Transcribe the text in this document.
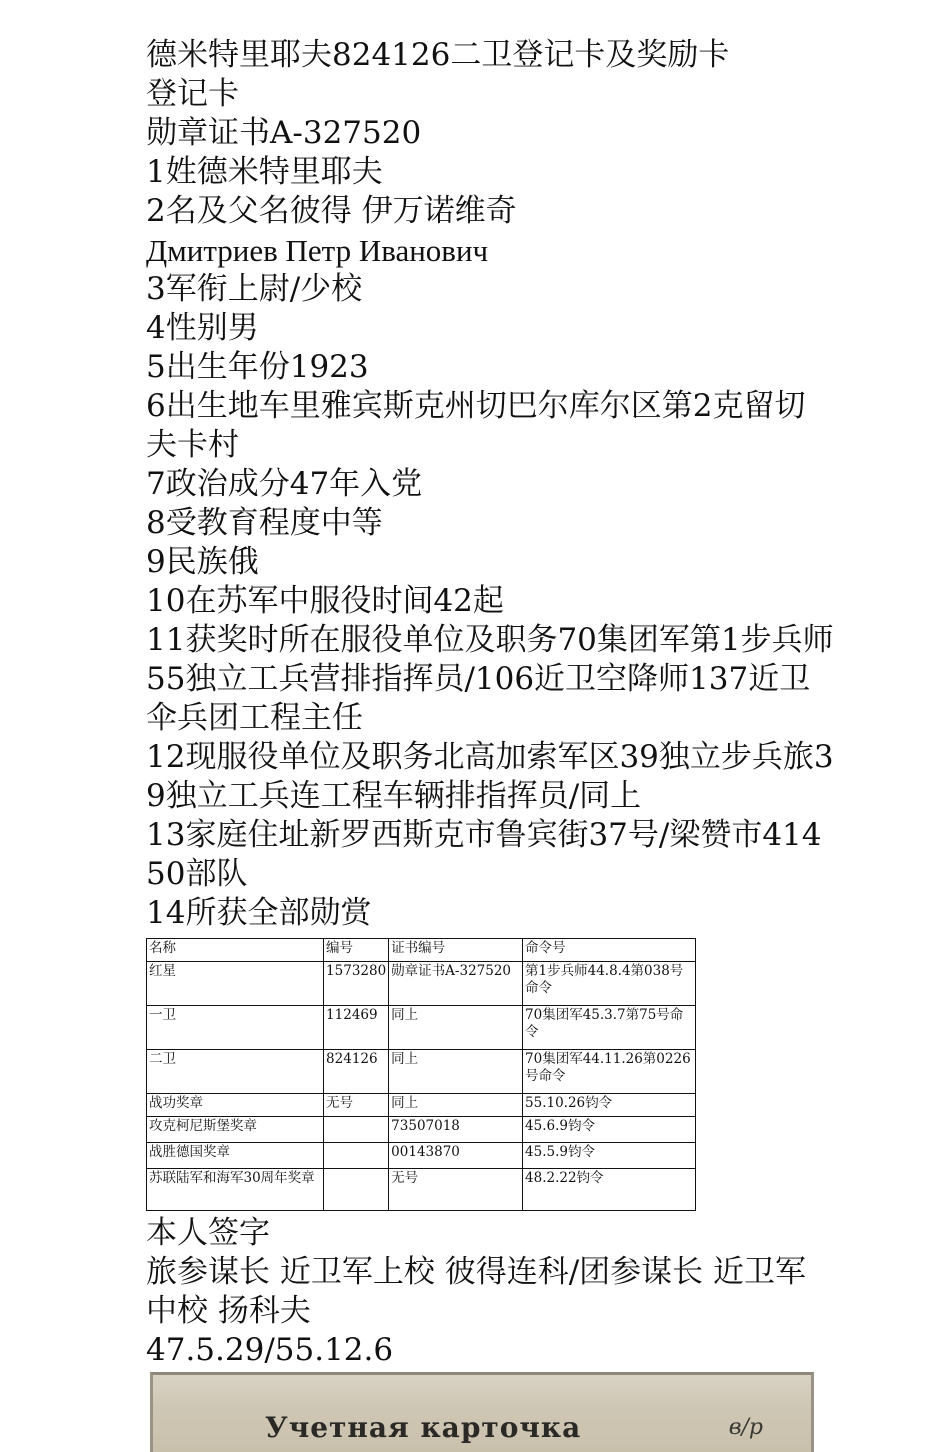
德米特里耶夫824126二卫登记卡及奖励卡

登记卡

勋章证书A-327520

1姓德米特里耶夫

2名及父名彼得 伊万诺维奇

Дмитриев Петр Иванович

3军衔上尉/少校

4性别男

5出生年份1923

6出生地车里雅宾斯克州切巴尔库尔区第2克留切夫卡村

7政治成分47年入党

8受教育程度中等

9民族俄

10在苏军中服役时间42起

11获奖时所在服役单位及职务70集团军第1步兵师55独立工兵营排指挥员/106近卫空降师137近卫伞兵团工程主任

12现服役单位及职务北高加索军区39独立步兵旅39独立工兵连工程车辆排指挥员/同上

13家庭住址新罗西斯克市鲁宾街37号/梁赞市41450部队

14所获全部勋赏

名称	编号	证书编号	命令号
红星	1573280	勋章证书A-327520	第1步兵师44.8.4第038号命令
一卫	112469	同上	70集团军45.3.7第75号命令
二卫	824126	同上	70集团军44.11.26第0226号命令
战功奖章	无号	同上	55.10.26钧令
攻克柯尼斯堡奖章		73507018	45.6.9钧令
战胜德国奖章		00143870	45.5.9钧令
苏联陆军和海军30周年奖章		无号	48.2.22钧令

本人签字

旅参谋长 近卫军上校 彼得连科/团参谋长 近卫军中校 扬科夫

47.5.29/55.12.6

Учетная карточка	в/р
